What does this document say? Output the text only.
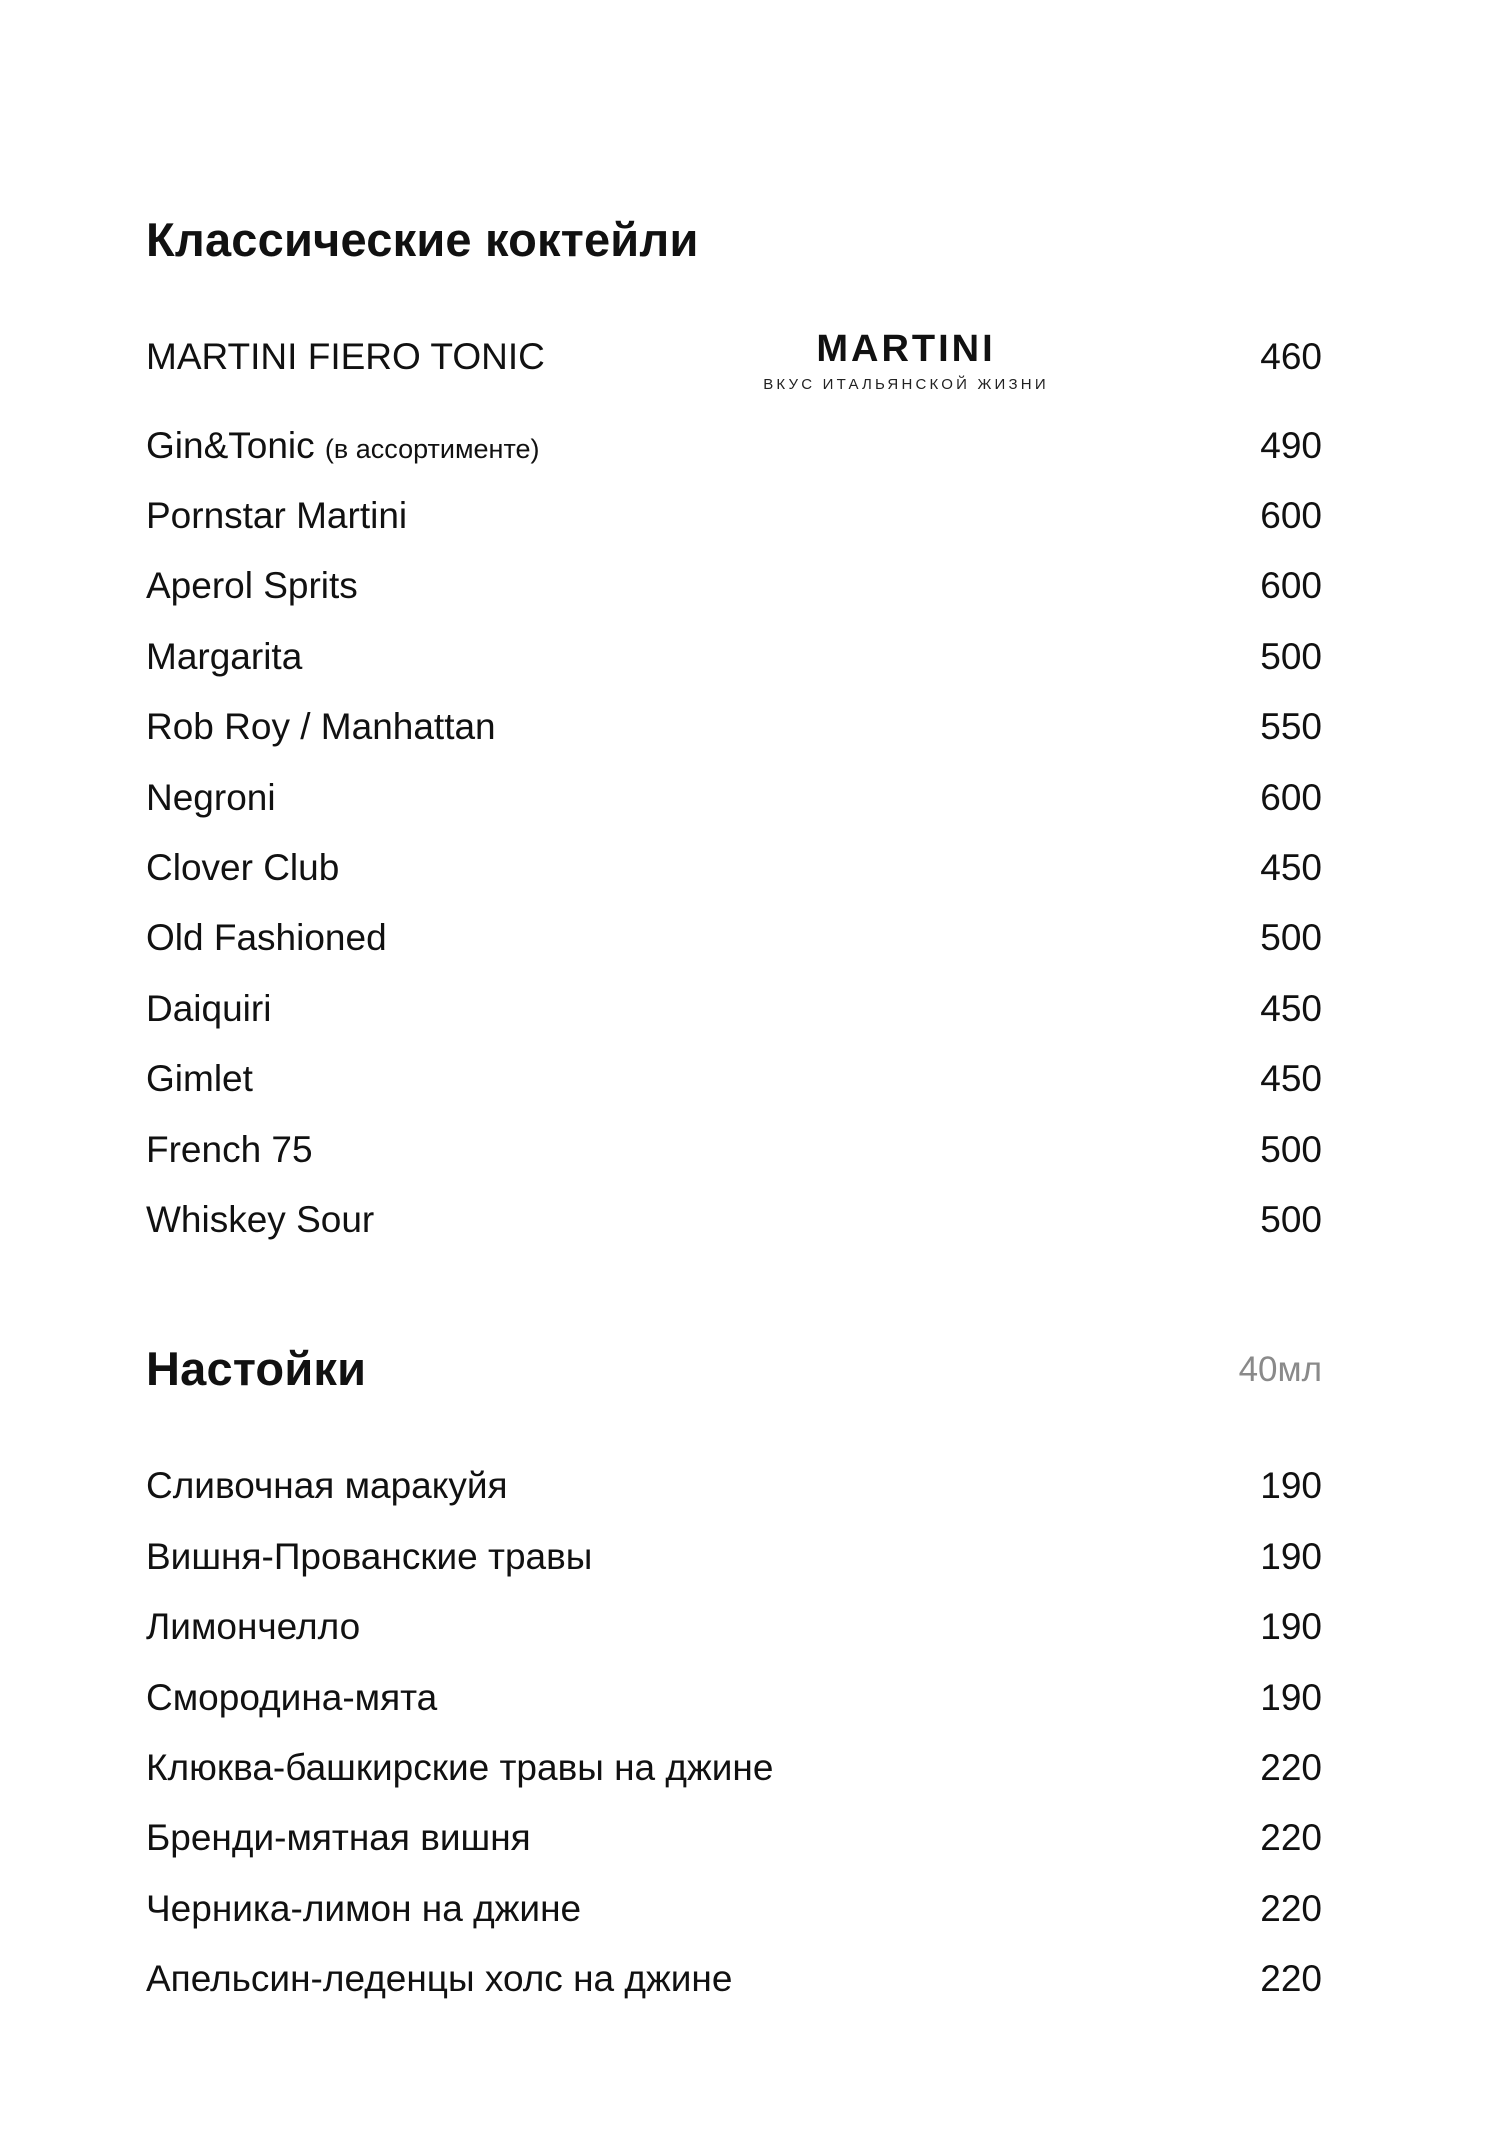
Классические коктейли
MARTINI
ВКУС ИТАЛЬЯНСКОЙ ЖИЗНИ
MARTINI FIERO TONIC	460
Gin&Tonic (в ассортименте)	490
Pornstar Martini	600
Aperol Sprits	600
Margarita	500
Rob Roy / Manhattan	550
Negroni	600
Clover Club	450
Old Fashioned	500
Daiquiri	450
Gimlet	450
French 75	500
Whiskey Sour	500
Настойки	40мл
Сливочная маракуйя	190
Вишня-Прованские травы	190
Лимончелло	190
Смородина-мята	190
Клюква-башкирские травы на джине	220
Бренди-мятная вишня	220
Черника-лимон на джине	220
Апельсин-леденцы холс на джине	220
